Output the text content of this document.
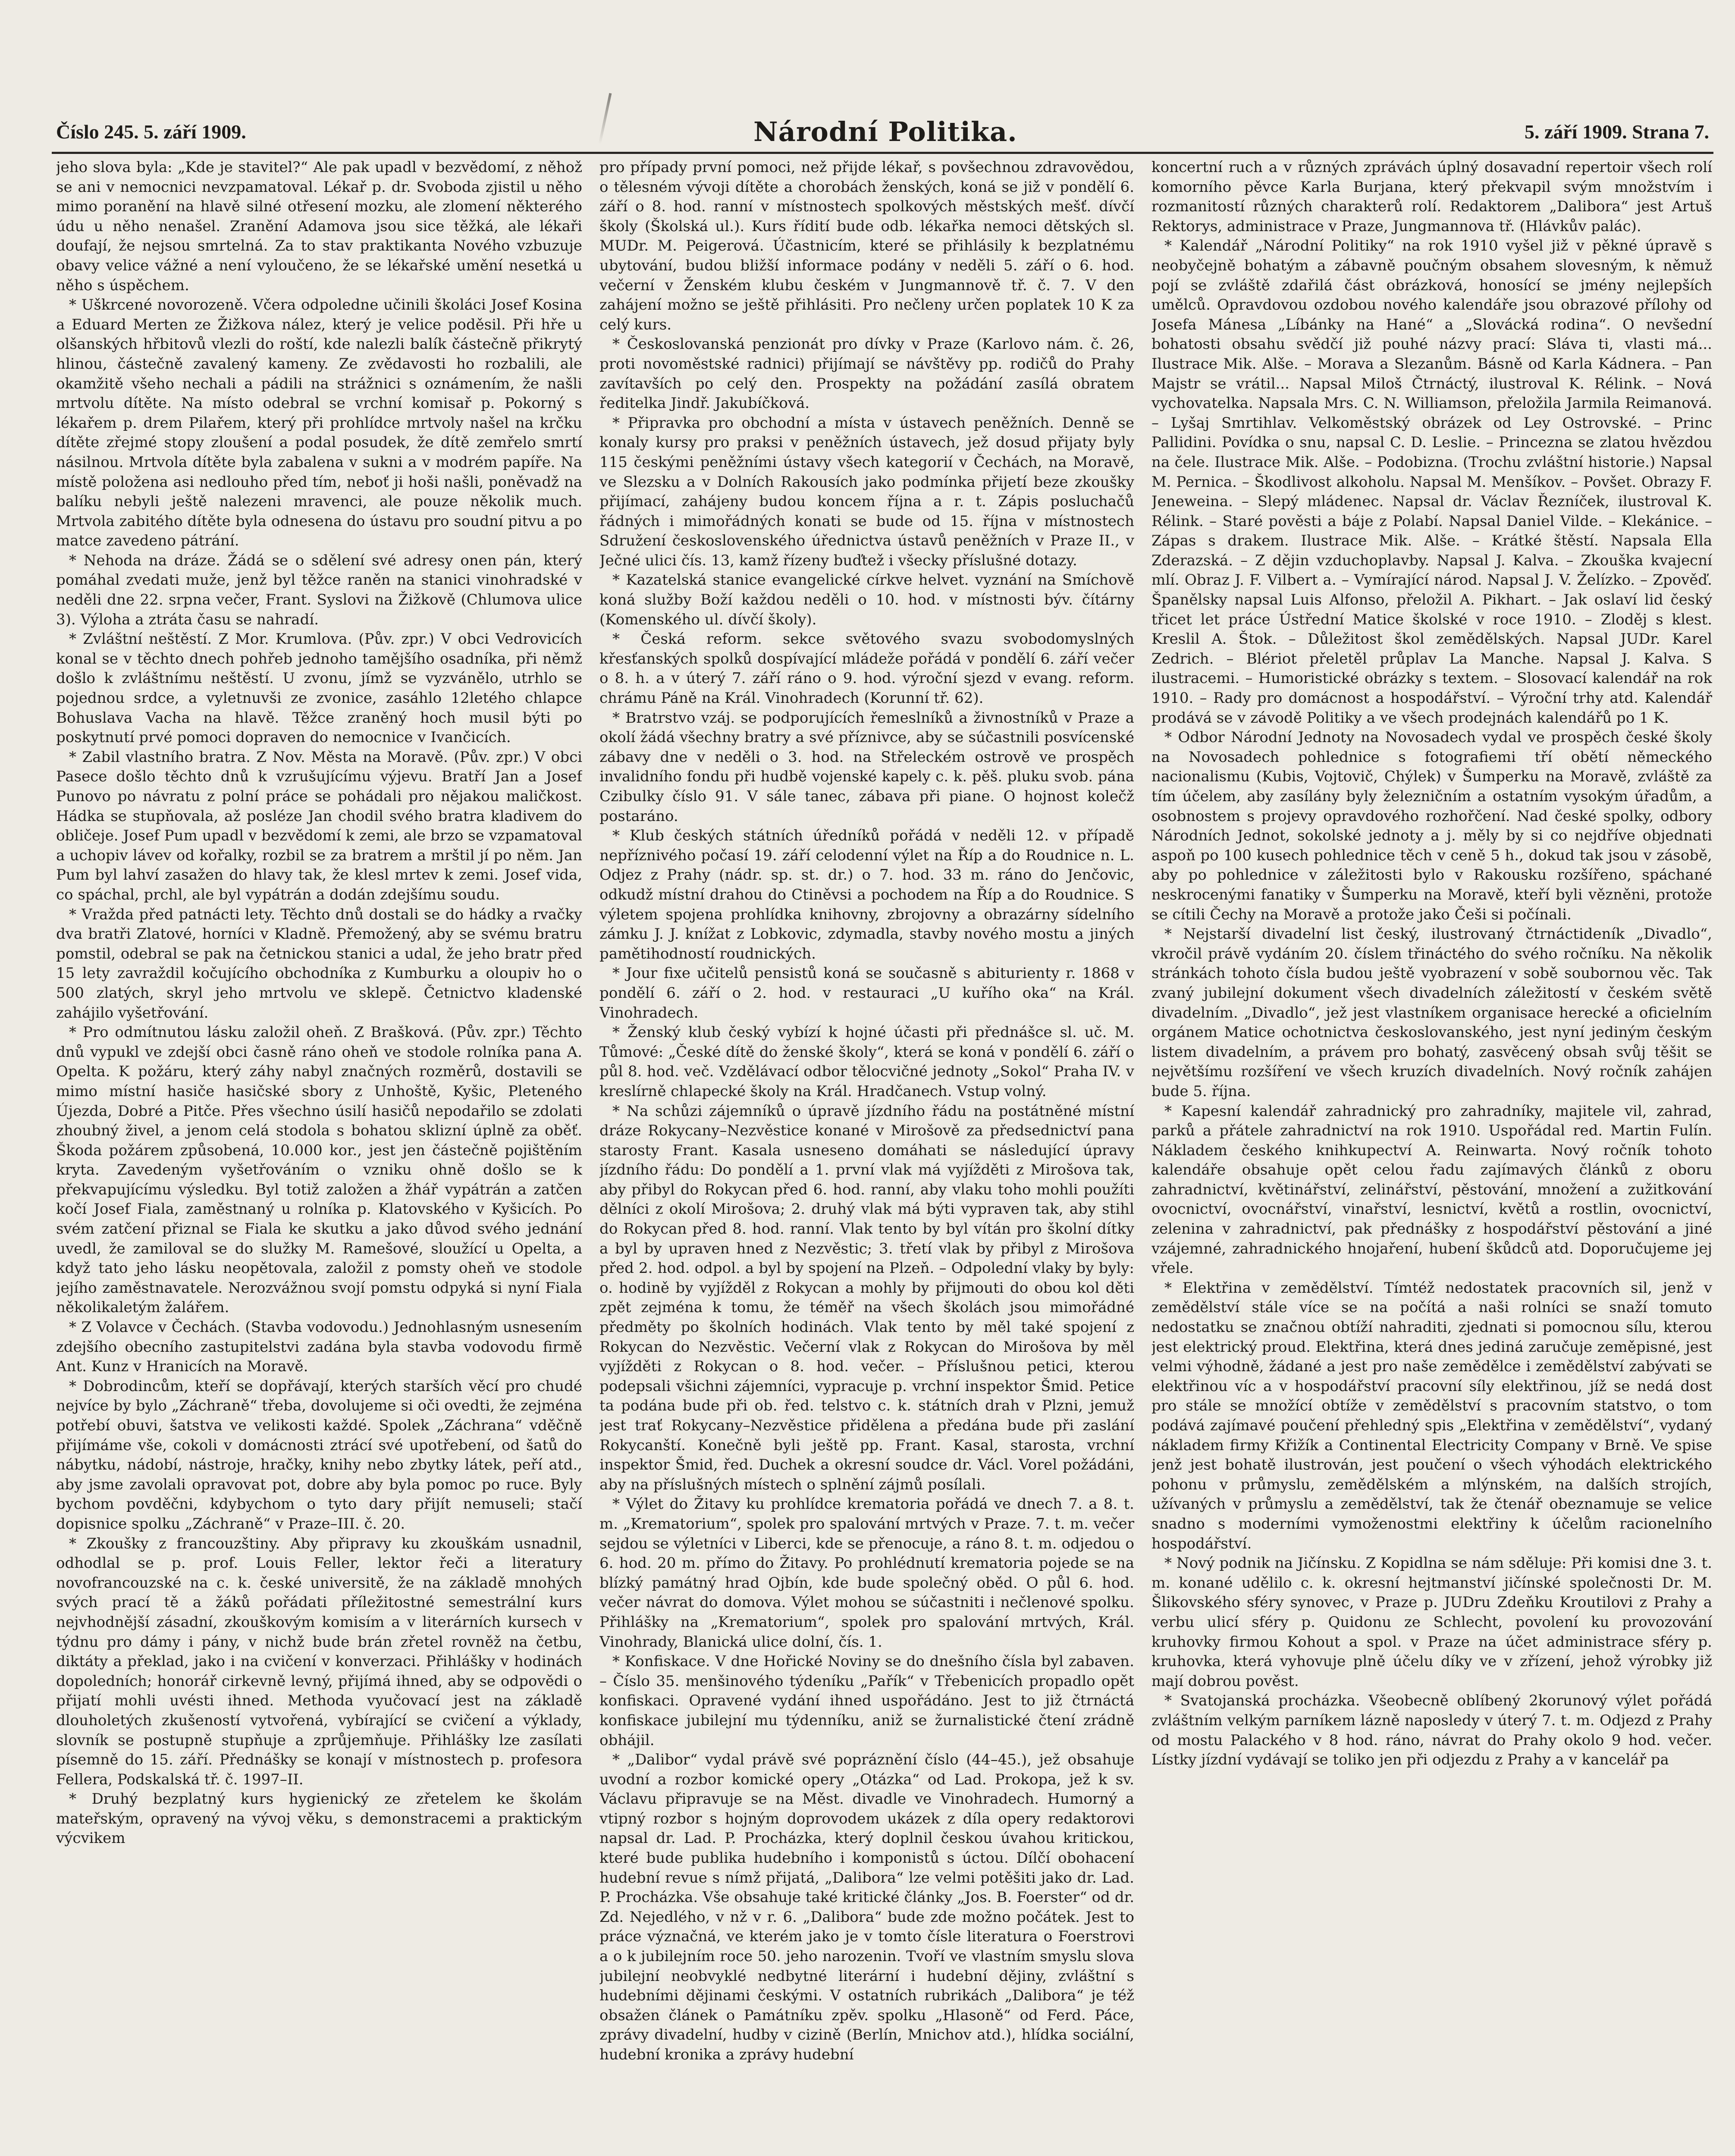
Číslo 245. 5. září 1909.	Národní Politika.	5. září 1909. Strana 7.

jeho slova byla: „Kde je stavitel?“ Ale pak upadl v bezvědomí, z něhož se ani v nemocnici nevzpamatoval. Lékař p. dr. Svoboda zjistil u něho mimo poranění na hlavě silné otřesení mozku, ale zlomení některého údu u něho nenašel. Zranění Adamova jsou sice těžká, ale lékaři doufají, že nejsou smrtelná. Za to stav praktikanta Nového vzbuzuje obavy velice vážné a není vyloučeno, že se lékařské umění nesetká u něho s úspěchem.

* Uškrcené novorozeně. Včera odpoledne učinili školáci Josef Kosina a Eduard Merten ze Žižkova nález, který je velice poděsil. Při hře u olšanských hřbitovů vlezli do roští, kde nalezli balík částečně přikrytý hlinou, částečně zavalený kameny. Ze zvědavosti ho rozbalili, ale okamžitě všeho nechali a pádili na strážnici s oznámením, že našli mrtvolu dítěte. Na místo odebral se vrchní komisař p. Pokorný s lékařem p. drem Pilařem, který při prohlídce mrtvoly našel na krčku dítěte zřejmé stopy zloušení a podal posudek, že dítě zemřelo smrtí násilnou. Mrtvola dítěte byla zabalena v sukni a v modrém papíře. Na místě položena asi nedlouho před tím, neboť ji hoši našli, poněvadž na balíku nebyli ještě nalezeni mravenci, ale pouze několik much. Mrtvola zabitého dítěte byla odnesena do ústavu pro soudní pitvu a po matce zavedeno pátrání.

* Nehoda na dráze. Žádá se o sdělení své adresy onen pán, který pomáhal zvedati muže, jenž byl těžce raněn na stanici vinohradské v neděli dne 22. srpna večer, Frant. Syslovi na Žižkově (Chlumova ulice 3). Výloha a ztráta času se nahradí.

* Zvláštní neštěstí. Z Mor. Krumlova. (Pův. zpr.) V obci Vedrovicích konal se v těchto dnech pohřeb jednoho tamějšího osadníka, při němž došlo k zvláštnímu neštěstí. U zvonu, jímž se vyzvánělo, utrhlo se pojednou srdce, a vyletnuvši ze zvonice, zasáhlo 12letého chlapce Bohuslava Vacha na hlavě. Těžce zraněný hoch musil býti po poskytnutí prvé pomoci dopraven do nemocnice v Ivančicích.

* Zabil vlastního bratra. Z Nov. Města na Moravě. (Pův. zpr.) V obci Pasece došlo těchto dnů k vzrušujícímu výjevu. Bratří Jan a Josef Punovo po návratu z polní práce se pohádali pro nějakou maličkost. Hádka se stupňovala, až posléze Jan chodil svého bratra kladivem do obličeje. Josef Pum upadl v bezvědomí k zemi, ale brzo se vzpamatoval a uchopiv lávev od kořalky, rozbil se za bratrem a mrštil jí po něm. Jan Pum byl lahví zasažen do hlavy tak, že klesl mrtev k zemi. Josef vida, co spáchal, prchl, ale byl vypátrán a dodán zdejšímu soudu.

* Vražda před patnácti lety. Těchto dnů dostali se do hádky a rvačky dva bratři Zlatové, horníci v Kladně. Přemožený, aby se svému bratru pomstil, odebral se pak na četnickou stanici a udal, že jeho bratr před 15 lety zavraždil kočujícího obchodníka z Kumburku a oloupiv ho o 500 zlatých, skryl jeho mrtvolu ve sklepě. Četnictvo kladenské zahájilo vyšetřování.

* Pro odmítnutou lásku založil oheň. Z Brašková. (Pův. zpr.) Těchto dnů vypukl ve zdejší obci časně ráno oheň ve stodole rolníka pana A. Opelta. K požáru, který záhy nabyl značných rozměrů, dostavili se mimo místní hasiče hasičské sbory z Unhoště, Kyšic, Pleteného Újezda, Dobré a Pitče. Přes všechno úsilí hasičů nepodařilo se zdolati zhoubný živel, a jenom celá stodola s bohatou sklizní úplně za oběť. Škoda požárem způsobená, 10.000 kor., jest jen částečně pojištěním kryta. Zavedeným vyšetřováním o vzniku ohně došlo se k překvapujícímu výsledku. Byl totiž založen a žhář vypátrán a zatčen kočí Josef Fiala, zaměstnaný u rolníka p. Klatovského v Kyšicích. Po svém zatčení přiznal se Fiala ke skutku a jako důvod svého jednání uvedl, že zamiloval se do služky M. Ramešové, sloužící u Opelta, a když tato jeho lásku neopětovala, založil z pomsty oheň ve stodole jejího zaměstnavatele. Nerozvážnou svojí pomstu odpyká si nyní Fiala několikaletým žalářem.

* Z Volavce v Čechách. (Stavba vodovodu.) Jednohlasným usnesením zdejšího obecního zastupitelstvi zadána byla stavba vodovodu firmě Ant. Kunz v Hranicích na Moravě.

* Dobrodincům, kteří se dopřávají, kterých starších věcí pro chudé nejvíce by bylo „Záchraně“ třeba, dovolujeme si oči ovedti, že zejména potřebí obuvi, šatstva ve velikosti každé. Spolek „Záchrana“ vděčně přijímáme vše, cokoli v domácnosti ztrácí své upotřebení, od šatů do nábytku, nádobí, nástroje, hračky, knihy nebo zbytky látek, peří atd., aby jsme zavolali opravovat pot, dobre aby byla pomoc po ruce. Byly bychom povděčni, kdybychom o tyto dary přijít nemuseli; stačí dopisnice spolku „Záchraně“ v Praze–III. č. 20.

* Zkoušky z francouzštiny. Aby připravy ku zkouškám usnadnil, odhodlal se p. prof. Louis Feller, lektor řeči a literatury novofrancouzské na c. k. české universitě, že na základě mnohých svých prací tě a žáků pořádati příležitostné semestrální kurs nejvhodnější zásadní, zkouškovým komisím a v literárních kursech v týdnu pro dámy i pány, v nichž bude brán zřetel rovněž na četbu, diktáty a překlad, jako i na cvičení v konverzaci. Přihlášky v hodinách dopoledních; honorář cirkevně levný, přijímá ihned, aby se odpovědi o přijatí mohli uvésti ihned. Methoda vyučovací jest na základě dlouholetých zkušeností vytvořená, vybírající se cvičení a výklady, slovník se postupně stupňuje a zprůjemňuje. Přihlášky lze zasílati písemně do 15. září. Přednášky se konají v místnostech p. profesora Fellera, Podskalská tř. č. 1997–II.

* Druhý bezplatný kurs hygienický ze zřetelem ke školám mateřským, opravený na vývoj věku, s demonstracemi a praktickým výcvikem

pro případy první pomoci, než přijde lékař, s povšechnou zdravovědou, o tělesném vývoji dítěte a chorobách ženských, koná se již v pondělí 6. září o 8. hod. ranní v místnostech spolkových městských mešť. dívčí školy (Školská ul.). Kurs řídití bude odb. lékařka nemoci dětských sl. MUDr. M. Peigerová. Účastnicím, které se přihlásily k bezplatnému ubytování, budou bližší informace podány v neděli 5. září o 6. hod. večerní v Ženském klubu českém v Jungmannově tř. č. 7. V den zahájení možno se ještě přihlásiti. Pro nečleny určen poplatek 10 K za celý kurs.

* Českoslovanská penzionát pro dívky v Praze (Karlovo nám. č. 26, proti novoměstské radnici) přijímají se návštěvy pp. rodičů do Prahy zavítavších po celý den. Prospekty na požádání zasílá obratem ředitelka Jindř. Jakubíčková.

* Připravka pro obchodní a místa v ústavech peněžních. Denně se konaly kursy pro praksi v peněžních ústavech, jež dosud přijaty byly 115 českými peněžními ústavy všech kategorií v Čechách, na Moravě, ve Slezsku a v Dolních Rakousích jako podmínka přijetí beze zkoušky přijímací, zahájeny budou koncem října a r. t. Zápis posluchačů řádných i mimořádných konati se bude od 15. října v místnostech Sdružení československého úřednictva ústavů peněžních v Praze II., v Ječné ulici čís. 13, kamž řízeny buďtež i všecky příslušné dotazy.

* Kazatelská stanice evangelické církve helvet. vyznání na Smíchově koná služby Boží každou neděli o 10. hod. v místnosti býv. čítárny (Komenského ul. dívčí školy).

* Česká reform. sekce světového svazu svobodomyslných křesťanských spolků dospívající mládeže pořádá v pondělí 6. září večer o 8. h. a v úterý 7. září ráno o 9. hod. výroční sjezd v evang. reform. chrámu Páně na Král. Vinohradech (Korunní tř. 62).

* Bratrstvo vzáj. se podporujících řemeslníků a živnostníků v Praze a okolí žádá všechny bratry a své příznivce, aby se súčastnili posvícenské zábavy dne v neděli o 3. hod. na Střeleckém ostrově ve prospěch invalidního fondu při hudbě vojenské kapely c. k. pěš. pluku svob. pána Czibulky číslo 91. V sále tanec, zábava při piane. O hojnost kolečž postaráno.

* Klub českých státních úředníků pořádá v neděli 12. v případě nepříznivého počasí 19. září celodenní výlet na Říp a do Roudnice n. L. Odjez z Prahy (nádr. sp. st. dr.) o 7. hod. 33 m. ráno do Jenčovic, odkudž místní drahou do Ctiněvsi a pochodem na Říp a do Roudnice. S výletem spojena prohlídka knihovny, zbrojovny a obrazárny sídelního zámku J. J. knížat z Lobkovic, zdymadla, stavby nového mostu a jiných pamětihodností roudnických.

* Jour fixe učitelů pensistů koná se současně s abiturienty r. 1868 v pondělí 6. září o 2. hod. v restauraci „U kuřího oka“ na Král. Vinohradech.

* Ženský klub český vybízí k hojné účasti při přednášce sl. uč. M. Tůmové: „České dítě do ženské školy“, která se koná v pondělí 6. září o půl 8. hod. več. Vzdělávací odbor tělocvičné jednoty „Sokol“ Praha IV. v kreslírně chlapecké školy na Král. Hradčanech. Vstup volný.

* Na schůzi zájemníků o úpravě jízdního řádu na postátněné místní dráze Rokycany–Nezvěstice konané v Mirošově za předsednictví pana starosty Frant. Kasala usneseno domáhati se následující úpravy jízdního řádu: Do pondělí a 1. první vlak má vyjížděti z Mirošova tak, aby přibyl do Rokycan před 6. hod. ranní, aby vlaku toho mohli použíti dělníci z okolí Mirošova; 2. druhý vlak má býti vypraven tak, aby stihl do Rokycan před 8. hod. ranní. Vlak tento by byl vítán pro školní dítky a byl by upraven hned z Nezvěstic; 3. třetí vlak by přibyl z Mirošova před 2. hod. odpol. a byl by spojení na Plzeň. – Odpolední vlaky by byly: o. hodině by vyjížděl z Rokycan a mohly by přijmouti do obou kol děti zpět zejména k tomu, že téměř na všech školách jsou mimořádné předměty po školních hodinách. Vlak tento by měl také spojení z Rokycan do Nezvěstic. Večerní vlak z Rokycan do Mirošova by měl vyjížděti z Rokycan o 8. hod. večer. – Příslušnou petici, kterou podepsali všichni zájemníci, vypracuje p. vrchní inspektor Šmid. Petice ta podána bude při ob. řed. telstvo c. k. státních drah v Plzni, jemuž jest trať Rokycany–Nezvěstice přidělena a předána bude při zaslání Rokycanští. Konečně byli ještě pp. Frant. Kasal, starosta, vrchní inspektor Šmid, řed. Duchek a okresní soudce dr. Václ. Vorel požádáni, aby na příslušných místech o splnění zájmů posílali.

* Výlet do Žitavy ku prohlídce krematoria pořádá ve dnech 7. a 8. t. m. „Krematorium“, spolek pro spalování mrtvých v Praze. 7. t. m. večer sejdou se výletníci v Liberci, kde se přenocuje, a ráno 8. t. m. odjedou o 6. hod. 20 m. přímo do Žitavy. Po prohlédnutí krematoria pojede se na blízký památný hrad Ojbín, kde bude společný oběd. O půl 6. hod. večer návrat do domova. Výlet mohou se súčastniti i nečlenové spolku. Přihlášky na „Krematorium“, spolek pro spalování mrtvých, Král. Vinohrady, Blanická ulice dolní, čís. 1.

* Konfiskace. V dne Hořické Noviny se do dnešního čísla byl zabaven. – Číslo 35. menšinového týdeníku „Pařík“ v Třebenicích propadlo opět konfiskaci. Opravené vydání ihned uspořádáno. Jest to již čtrnáctá konfiskace jubilejní mu týdenníku, aniž se žurnalistické čtení zrádně obhájil.

* „Dalibor“ vydal právě své popráznění číslo (44–45.), jež obsahuje uvodní a rozbor komické opery „Otázka“ od Lad. Prokopa, jež k sv. Václavu připravuje se na Měst. divadle ve Vinohradech. Humorný a vtipný rozbor s hojným doprovodem ukázek z díla opery redaktorovi napsal dr. Lad. P. Procházka, který doplnil českou úvahou kritickou, které bude publika hudebního i komponistů s úctou. Dílčí obohacení hudební revue s nímž přijatá, „Dalibora“ lze velmi potěšiti jako dr. Lad. P. Procházka. Vše obsahuje také kritické články „Jos. B. Foerster“ od dr. Zd. Nejedlého, v nž v r. 6. „Dalibora“ bude zde možno počátek. Jest to práce význačná, ve kterém jako je v tomto čísle literatura o Foerstrovi a o k jubilejním roce 50. jeho narozenin. Tvoří ve vlastním smyslu slova jubilejní neobvyklé nedbytné literární i hudební dějiny, zvláštní s hudebními dějinami českými. V ostatních rubrikách „Dalibora“ je též obsažen článek o Památníku zpěv. spolku „Hlasoně“ od Ferd. Páce, zprávy divadelní, hudby v cizině (Berlín, Mnichov atd.), hlídka sociální, hudební kronika a zprávy hudební

koncertní ruch a v různých zprávách úplný dosavadní repertoir všech rolí komorního pěvce Karla Burjana, který překvapil svým množstvím i rozmanitostí různých charakterů rolí. Redaktorem „Dalibora“ jest Artuš Rektorys, administrace v Praze, Jungmannova tř. (Hlávkův palác).

* Kalendář „Národní Politiky“ na rok 1910 vyšel již v pěkné úpravě s neobyčejně bohatým a zábavně poučným obsahem slovesným, k němuž pojí se zvláště zdařilá část obrázková, honosící se jmény nejlepších umělců. Opravdovou ozdobou nového kalendáře jsou obrazové přílohy od Josefa Mánesa „Líbánky na Hané“ a „Slovácká rodina“. O nevšední bohatosti obsahu svědčí již pouhé názvy prací: Sláva ti, vlasti má... Ilustrace Mik. Alše. – Morava a Slezanům. Básně od Karla Kádnera. – Pan Majstr se vrátil... Napsal Miloš Čtrnáctý, ilustroval K. Rélink. – Nová vychovatelka. Napsala Mrs. C. N. Williamson, přeložila Jarmila Reimanová. – Lyšaj Smrtihlav. Velkoměstský obrázek od Ley Ostrovské. – Princ Pallidini. Povídka o snu, napsal C. D. Leslie. – Princezna se zlatou hvězdou na čele. Ilustrace Mik. Alše. – Podobizna. (Trochu zvláštní historie.) Napsal M. Pernica. – Škodlivost alkoholu. Napsal M. Menšíkov. – Povšet. Obrazy F. Jeneweina. – Slepý mládenec. Napsal dr. Václav Řezníček, ilustroval K. Rélink. – Staré pověsti a báje z Polabí. Napsal Daniel Vilde. – Klekánice. – Zápas s drakem. Ilustrace Mik. Alše. – Krátké štěstí. Napsala Ella Zderazská. – Z dějin vzduchoplavby. Napsal J. Kalva. – Zkouška kvajecní mlí. Obraz J. F. Vilbert a. – Vymírající národ. Napsal J. V. Želízko. – Zpověď. Španělsky napsal Luis Alfonso, přeložil A. Pikhart. – Jak oslaví lid český třicet let práce Ústřední Matice školské v roce 1910. – Zloděj s klest. Kreslil A. Štok. – Důležitost škol zemědělských. Napsal JUDr. Karel Zedrich. – Blériot přeletěl průplav La Manche. Napsal J. Kalva. S ilustracemi. – Humoristické obrázky s textem. – Slosovací kalendář na rok 1910. – Rady pro domácnost a hospodářství. – Výroční trhy atd. Kalendář prodává se v závodě Politiky a ve všech prodejnách kalendářů po 1 K.

* Odbor Národní Jednoty na Novosadech vydal ve prospěch české školy na Novosadech pohlednice s fotografiemi tří obětí německého nacionalismu (Kubis, Vojtovič, Chýlek) v Šumperku na Moravě, zvláště za tím účelem, aby zasílány byly železničním a ostatním vysokým úřadům, a osobnostem s projevy opravdového rozhořčení. Nad české spolky, odbory Národních Jednot, sokolské jednoty a j. měly by si co nejdříve objednati aspoň po 100 kusech pohlednice těch v ceně 5 h., dokud tak jsou v zásobě, aby po pohlednice v záležitosti bylo v Rakousku rozšířeno, spáchané neskrocenými fanatiky v Šumperku na Moravě, kteří byli vězněni, protože se cítili Čechy na Moravě a protože jako Češi si počínali.

* Nejstarší divadelní list český, ilustrovaný čtrnáctideník „Divadlo“, vkročil právě vydáním 20. číslem třináctého do svého ročníku. Na několik stránkách tohoto čísla budou ještě vyobrazení v sobě soubornou věc. Tak zvaný jubilejní dokument všech divadelních záležitostí v českém světě divadelním. „Divadlo“, jež jest vlastníkem organisace herecké a oficielním orgánem Matice ochotnictva českoslovanského, jest nyní jediným českým listem divadelním, a právem pro bohatý, zasvěcený obsah svůj těšit se největšímu rozšíření ve všech kruzích divadelních. Nový ročník zahájen bude 5. října.

* Kapesní kalendář zahradnický pro zahradníky, majitele vil, zahrad, parků a přátele zahradnictví na rok 1910. Uspořádal red. Martin Fulín. Nákladem českého knihkupectví A. Reinwarta. Nový ročník tohoto kalendáře obsahuje opět celou řadu zajímavých článků z oboru zahradnictví, květinářství, zelinářství, pěstování, množení a zužitkování ovocnictví, ovocnářství, vinařství, lesnictví, květů a rostlin, ovocnictví, zelenina v zahradnictví, pak přednášky z hospodářství pěstování a jiné vzájemné, zahradnického hnojaření, hubení škůdců atd. Doporučujeme jej vřele.

* Elektřina v zemědělství. Tímtéž nedostatek pracovních sil, jenž v zemědělství stále více se na počítá a naši rolníci se snaží tomuto nedostatku se značnou obtíží nahraditi, zjednati si pomocnou sílu, kterou jest elektrický proud. Elektřina, která dnes jediná zaručuje zeměpisné, jest velmi výhodně, žádané a jest pro naše zemědělce i zemědělství zabývati se elektřinou víc a v hospodářství pracovní síly elektřinou, jíž se nedá dost pro stále se množící obtíže v zemědělství s pracovním statstvo, o tom podává zajímavé poučení přehledný spis „Elektřina v zemědělství“, vydaný nákladem firmy Křižík a Continental Electricity Company v Brně. Ve spise jenž jest bohatě ilustrován, jest poučení o všech výhodách elektrického pohonu v průmyslu, zemědělském a mlýnském, na dalších strojích, užívaných v průmyslu a zemědělství, tak že čtenář obeznamuje se velice snadno s moderními vymoženostmi elektřiny k účelům racionelního hospodářství.

* Nový podnik na Jičínsku. Z Kopidlna se nám sděluje: Při komisi dne 3. t. m. konané udělilo c. k. okresní hejtmanství jičínské společnosti Dr. M. Šlikovského sféry synovec, v Praze p. JUDru Zdeňku Kroutilovi z Prahy a verbu ulicí sféry p. Quidonu ze Schlecht, povolení ku provozování kruhovky firmou Kohout a spol. v Praze na účet administrace sféry p. kruhovka, která vyhovuje plně účelu díky ve v zřízení, jehož výrobky již mají dobrou pověst.

* Svatojanská procházka. Všeobecně oblíbený 2korunový výlet pořádá zvláštním velkým parníkem lázně naposledy v úterý 7. t. m. Odjezd z Prahy od mostu Palackého v 8 hod. ráno, návrat do Prahy okolo 9 hod. večer. Lístky jízdní vydávají se toliko jen při odjezdu z Prahy a v kancelář pa
